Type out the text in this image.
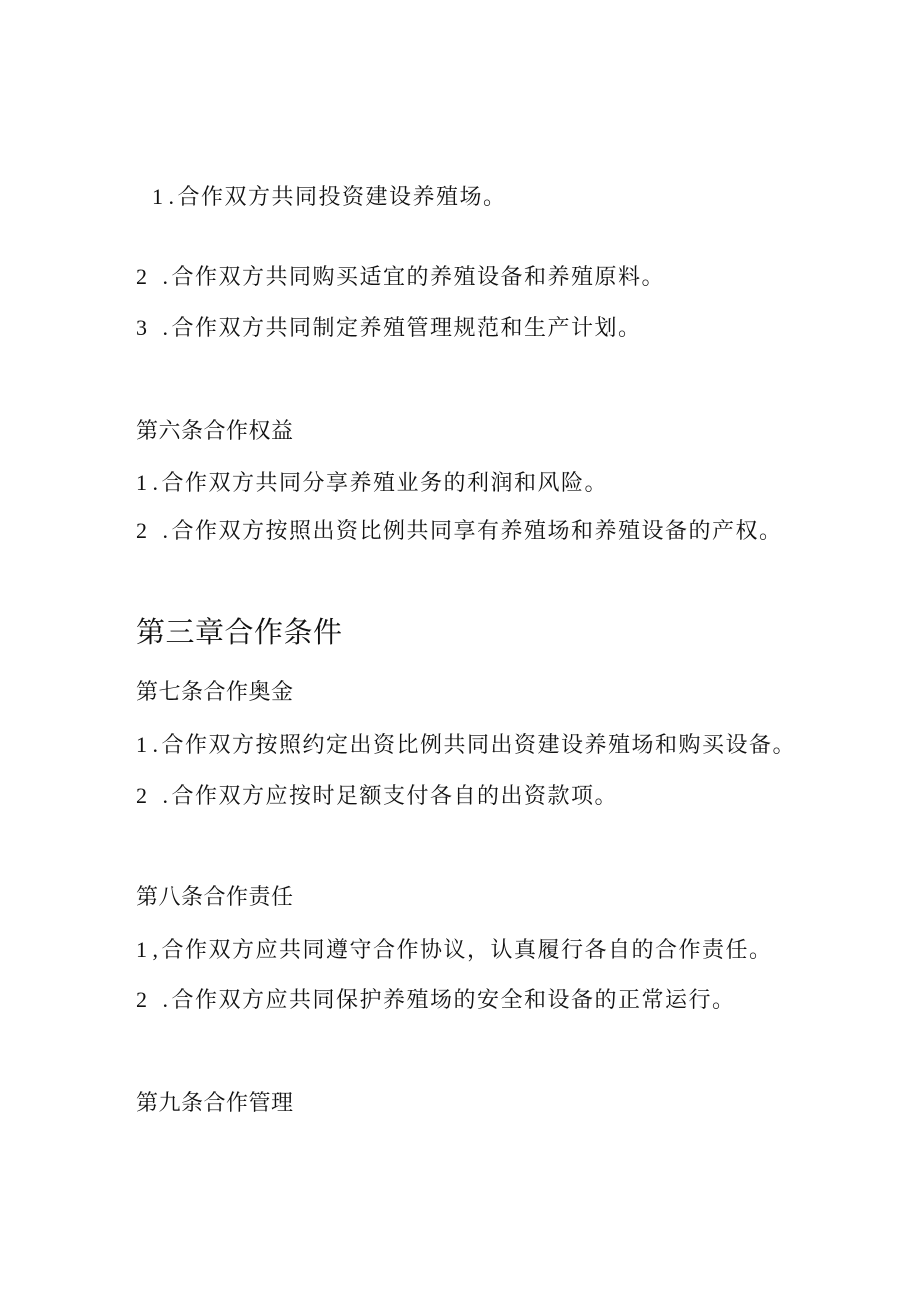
1 .合作双方共同投资建设养殖场。
2 .合作双方共同购买适宜的养殖设备和养殖原料。
3 .合作双方共同制定养殖管理规范和生产计划。
第六条合作权益
1 .合作双方共同分享养殖业务的利润和风险。
2 .合作双方按照出资比例共同享有养殖场和养殖设备的产权。
第三章合作条件
第七条合作奥金
1 .合作双方按照约定出资比例共同出资建设养殖场和购买设备。
2 .合作双方应按时足额支付各自的出资款项。
第八条合作责任
1 ,合作双方应共同遵守合作协议，认真履行各自的合作责任。
2 .合作双方应共同保护养殖场的安全和设备的正常运行。
第九条合作管理
